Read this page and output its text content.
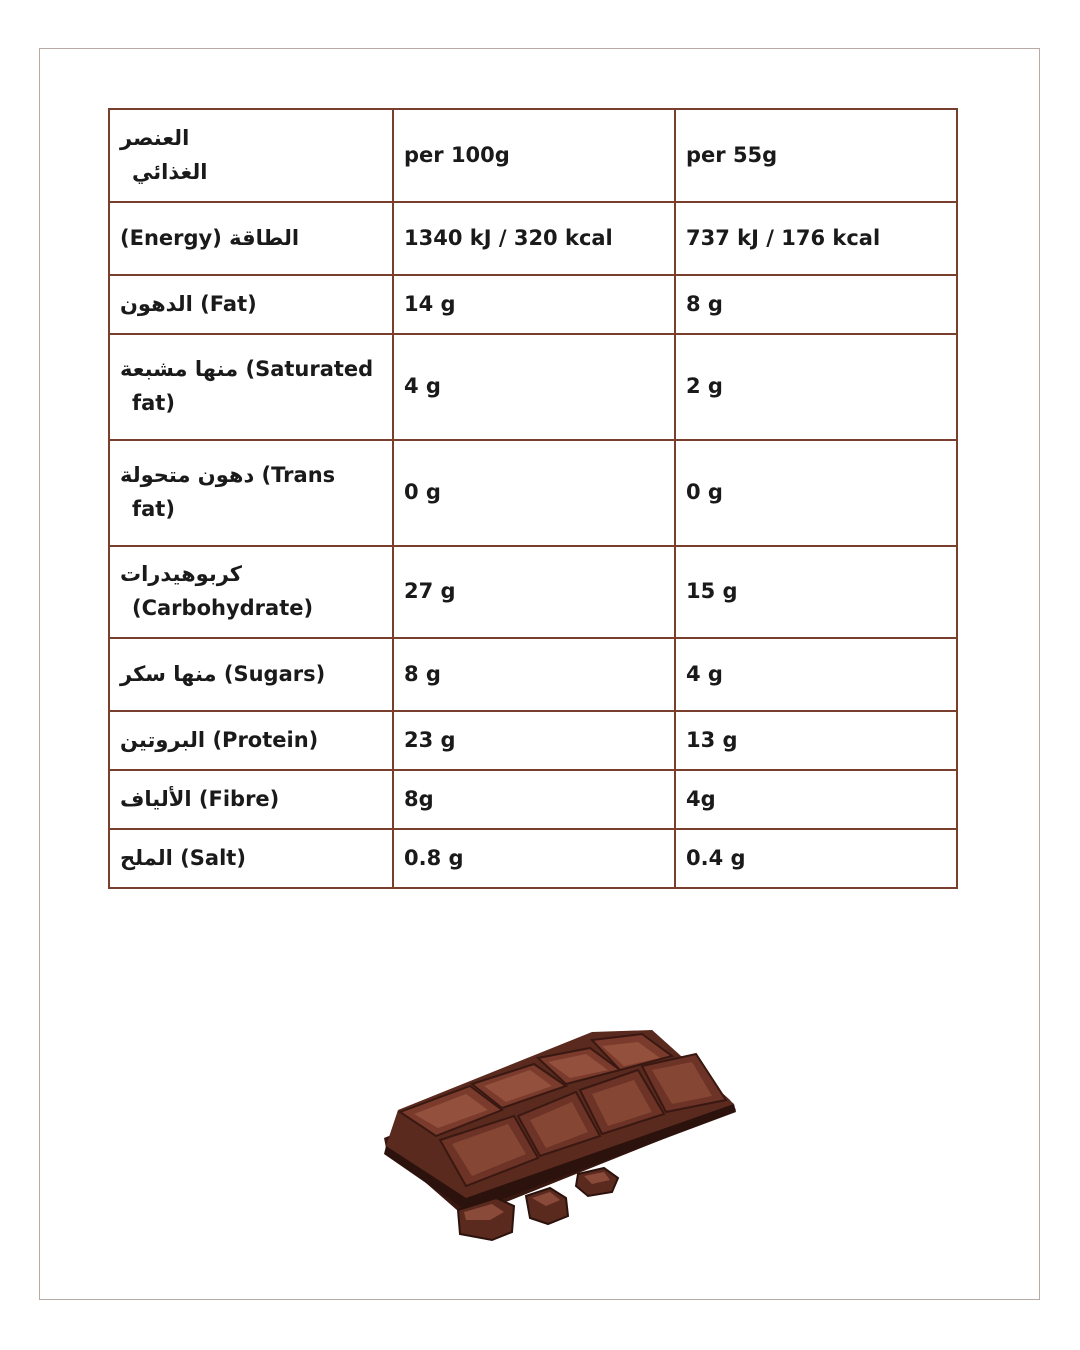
العنصر
الغذائي	per 100g	per 55g
(Energy) الطاقة	1340 kJ / 320 kcal	737 kJ / 176 kcal
الدهون (Fat)	14 g	8 g
منها مشبعة (Saturated
fat)	4 g	2 g
دهون متحولة (Trans
fat)	0 g	0 g
كربوهيدرات
(Carbohydrate)	27 g	15 g
منها سكر (Sugars)	8 g	4 g
البروتين (Protein)	23 g	13 g
الألياف (Fibre)	8g	4g
الملح (Salt)	0.8 g	0.4 g
